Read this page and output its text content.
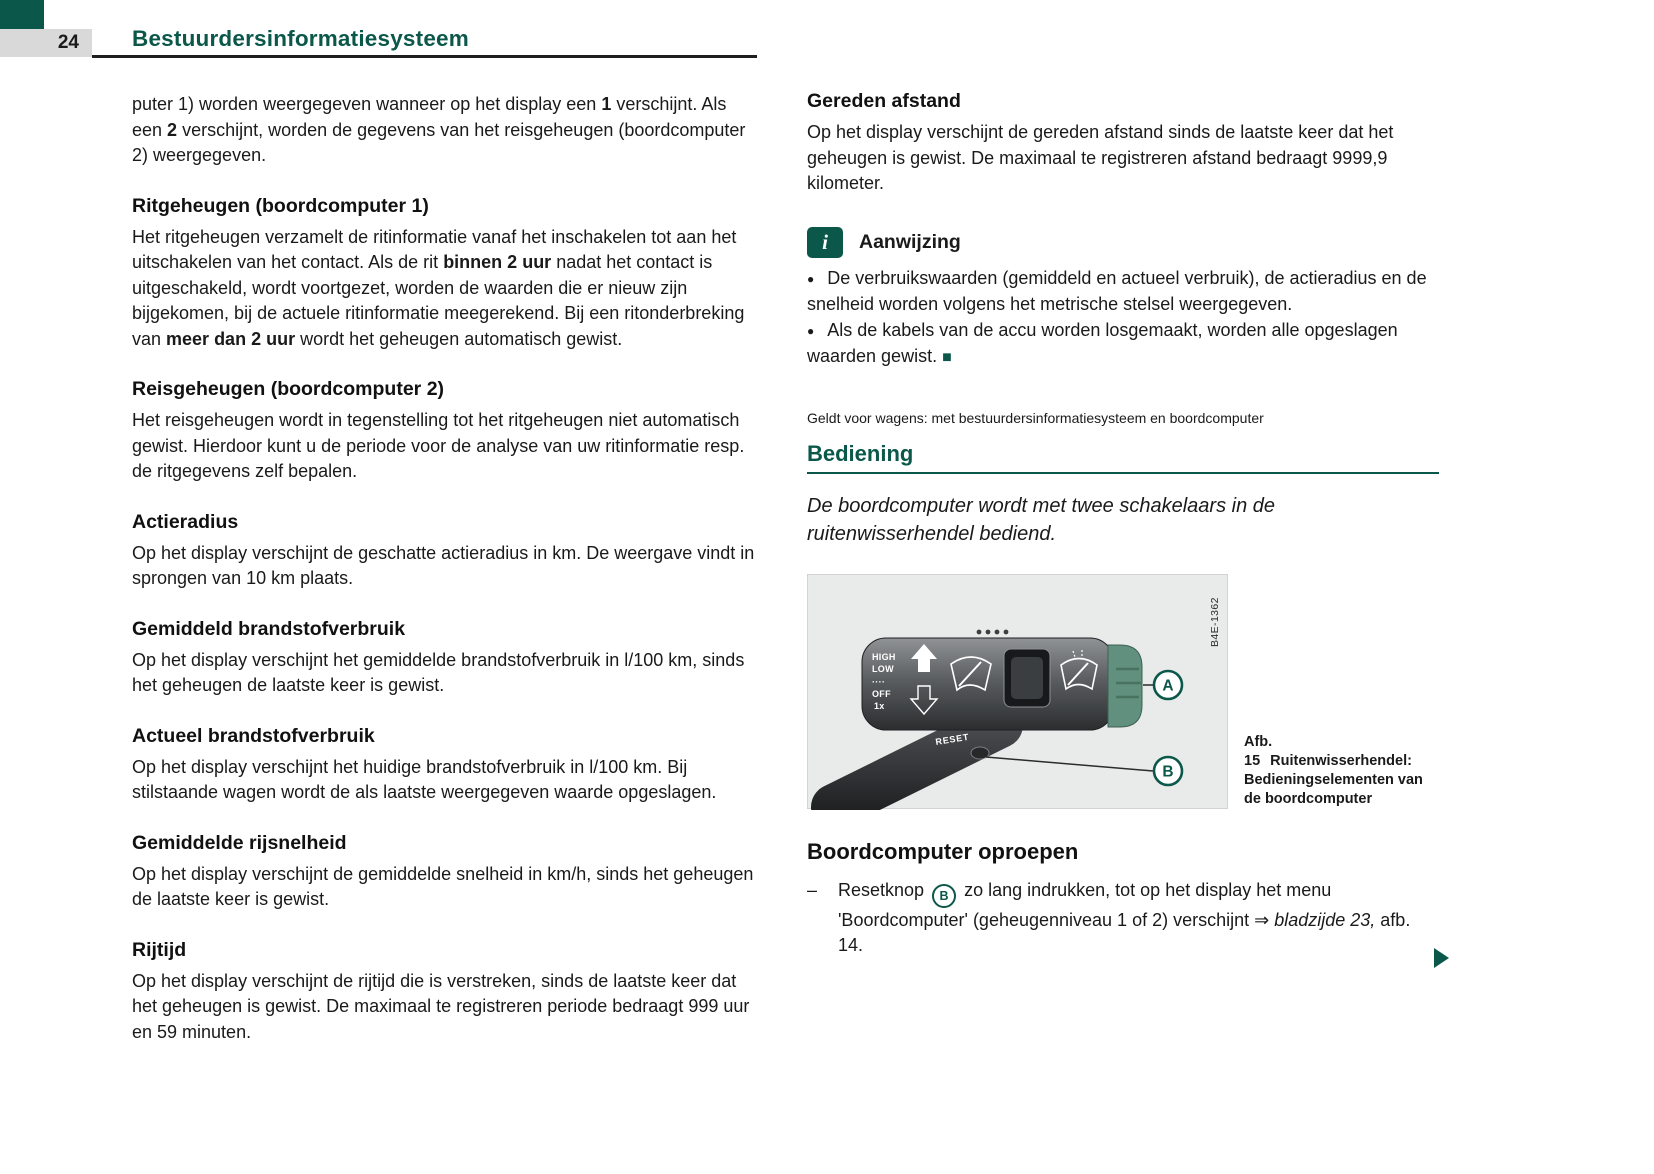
24	Bestuurdersinformatiesysteem

puter 1) worden weergegeven wanneer op het display een 1 verschijnt. Als een 2 verschijnt, worden de gegevens van het reisgeheugen (boordcomputer 2) weergegeven.

Ritgeheugen (boordcomputer 1)

Het ritgeheugen verzamelt de ritinformatie vanaf het inschakelen tot aan het uitschakelen van het contact. Als de rit binnen 2 uur nadat het contact is uitgeschakeld, wordt voortgezet, worden de waarden die er nieuw zijn bijgekomen, bij de actuele ritinformatie meegerekend. Bij een ritonderbreking van meer dan 2 uur wordt het geheugen automatisch gewist.

Reisgeheugen (boordcomputer 2)

Het reisgeheugen wordt in tegenstelling tot het ritgeheugen niet automatisch gewist. Hierdoor kunt u de periode voor de analyse van uw ritinformatie resp. de ritgegevens zelf bepalen.

Actieradius

Op het display verschijnt de geschatte actieradius in km. De weergave vindt in sprongen van 10 km plaats.

Gemiddeld brandstofverbruik

Op het display verschijnt het gemiddelde brandstofverbruik in l/100 km, sinds het geheugen de laatste keer is gewist.

Actueel brandstofverbruik

Op het display verschijnt het huidige brandstofverbruik in l/100 km. Bij stilstaande wagen wordt de als laatste weergegeven waarde opgeslagen.

Gemiddelde rijsnelheid

Op het display verschijnt de gemiddelde snelheid in km/h, sinds het geheugen de laatste keer is gewist.

Rijtijd

Op het display verschijnt de rijtijd die is verstreken, sinds de laatste keer dat het geheugen is gewist. De maximaal te registreren periode bedraagt 999 uur en 59 minuten.

Gereden afstand

Op het display verschijnt de gereden afstand sinds de laatste keer dat het geheugen is gewist. De maximaal te registreren afstand bedraagt 9999,9 kilometer.

i	Aanwijzing

● De verbruikswaarden (gemiddeld en actueel verbruik), de actieradius en de snelheid worden volgens het metrische stelsel weergegeven.

● Als de kabels van de accu worden losgemaakt, worden alle opgeslagen waarden gewist. ■

Geldt voor wagens: met bestuurdersinformatiesysteem en boordcomputer

Bediening

De boordcomputer wordt met twee schakelaars in de ruitenwisserhendel bediend.

HIGH
LOW
····
OFF
1x
RESET
A
B
B4E-1362
Afb. 15 Ruitenwisserhendel: Bedieningselementen van de boordcomputer
Boordcomputer oproepen
–	Resetknop B zo lang indrukken, tot op het display het menu 'Boordcomputer' (geheugenniveau 1 of 2) verschijnt ⇒ bladzijde 23, afb. 14.
